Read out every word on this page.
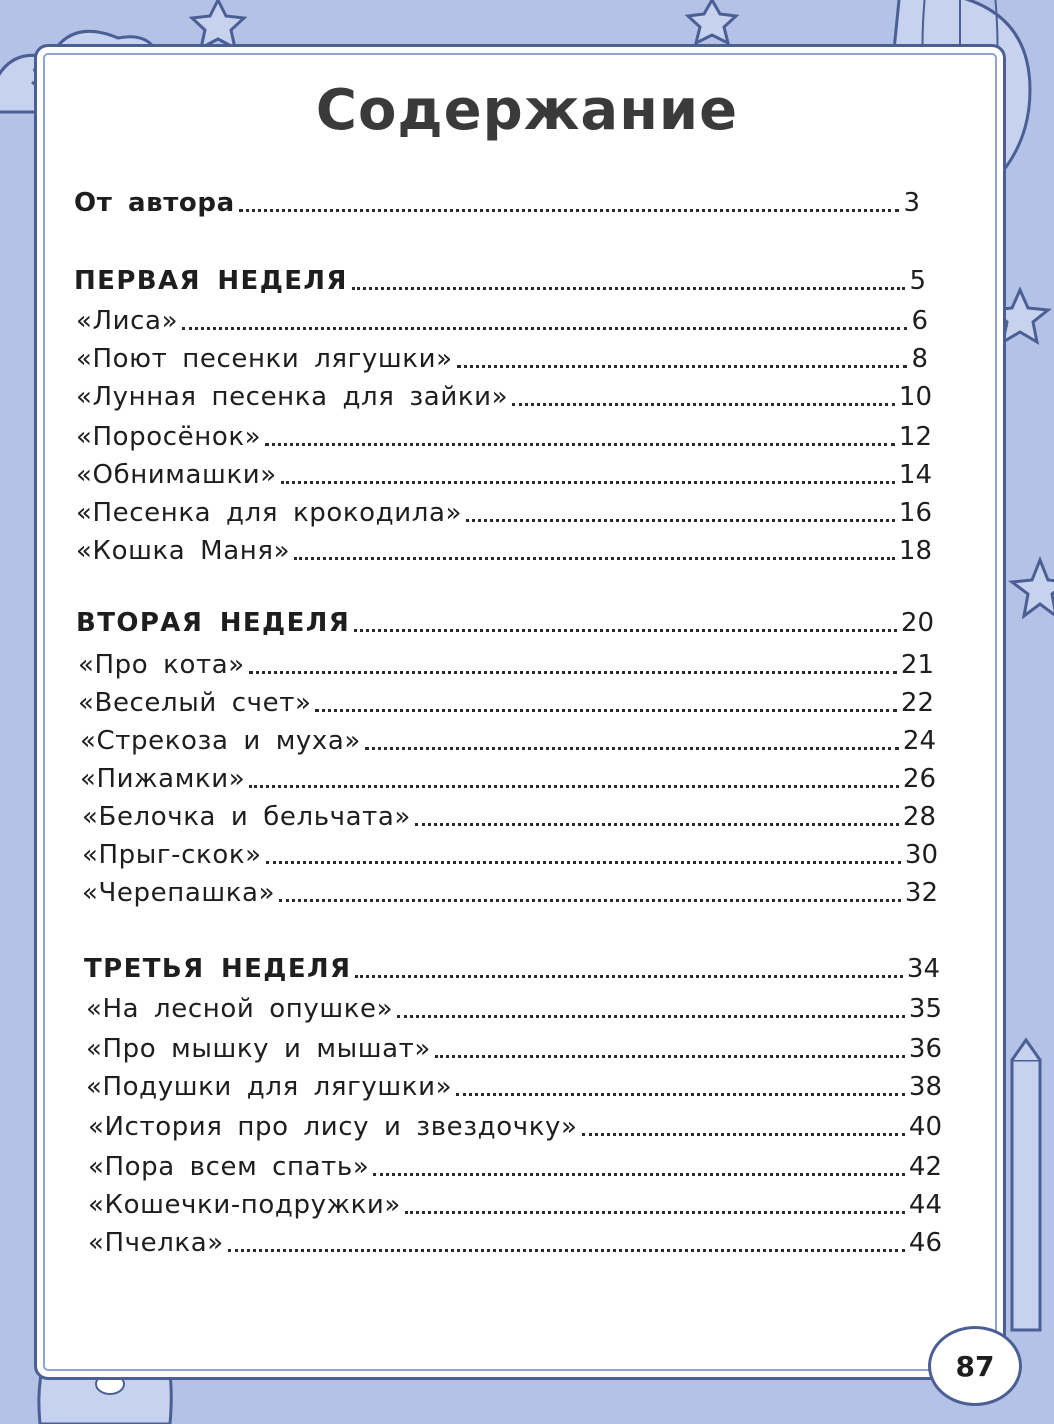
Содержание
От автора	3
ПЕРВАЯ НЕДЕЛЯ	5
«Лиса»	6
«Поют песенки лягушки»	8
«Лунная песенка для зайки»	10
«Поросёнок»	12
«Обнимашки»	14
«Песенка для крокодила»	16
«Кошка Маня»	18
ВТОРАЯ НЕДЕЛЯ	20
«Про кота»	21
«Веселый счет»	22
«Стрекоза и муха»	24
«Пижамки»	26
«Белочка и бельчата»	28
«Прыг-скок»	30
«Черепашка»	32
ТРЕТЬЯ НЕДЕЛЯ	34
«На лесной опушке»	35
«Про мышку и мышат»	36
«Подушки для лягушки»	38
«История про лису и звездочку»	40
«Пора всем спать»	42
«Кошечки-подружки»	44
«Пчелка»	46
87
